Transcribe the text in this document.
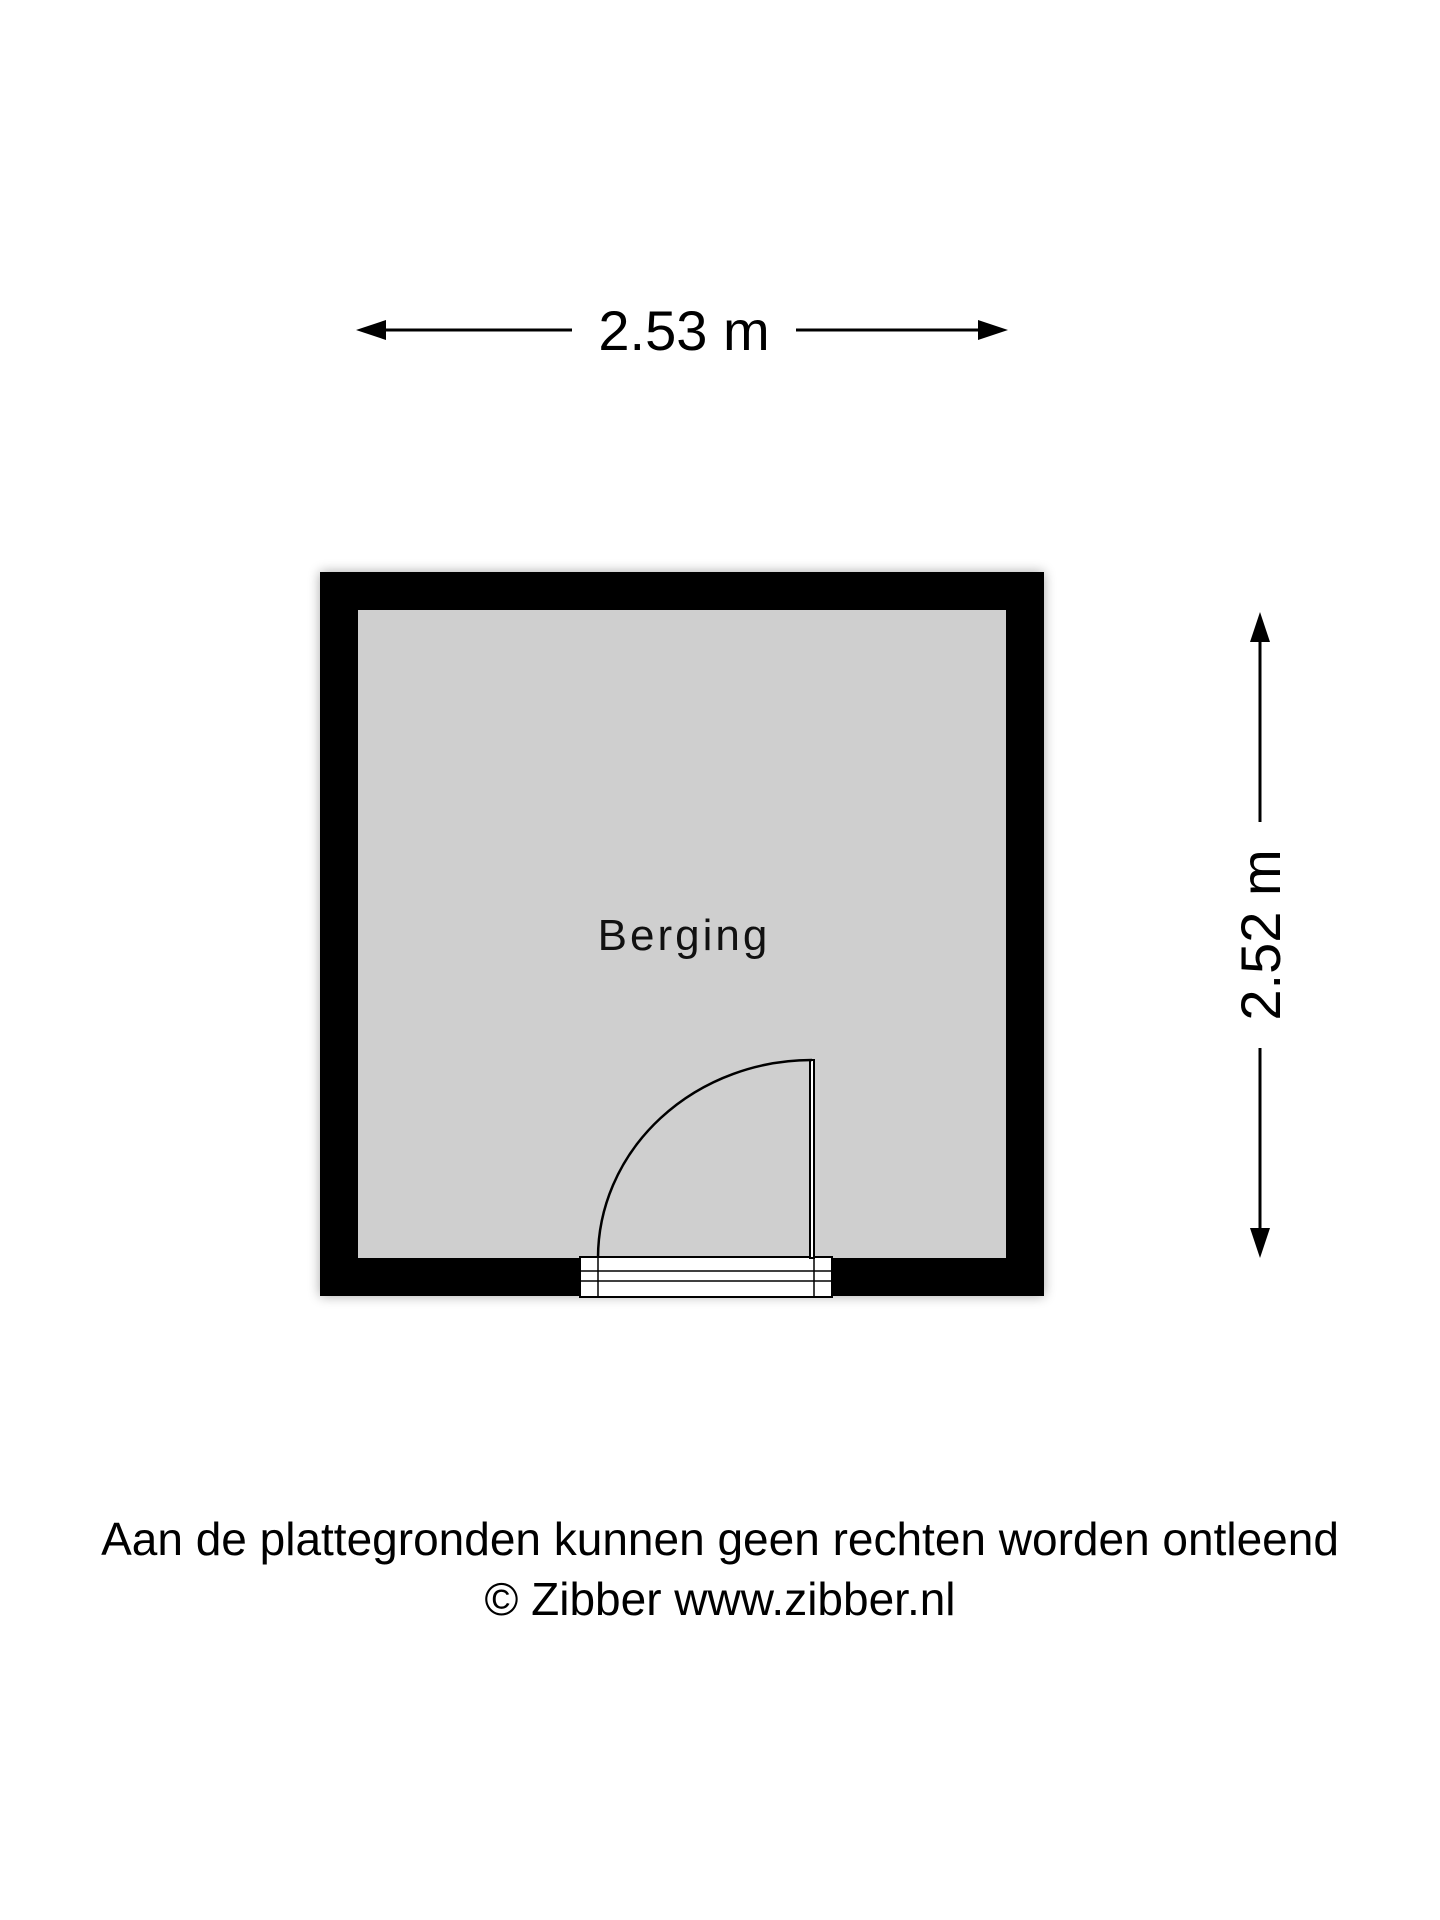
2.53 m
2.52 m
Berging
Aan de plattegronden kunnen geen rechten worden ontleend
© Zibber www.zibber.nl
